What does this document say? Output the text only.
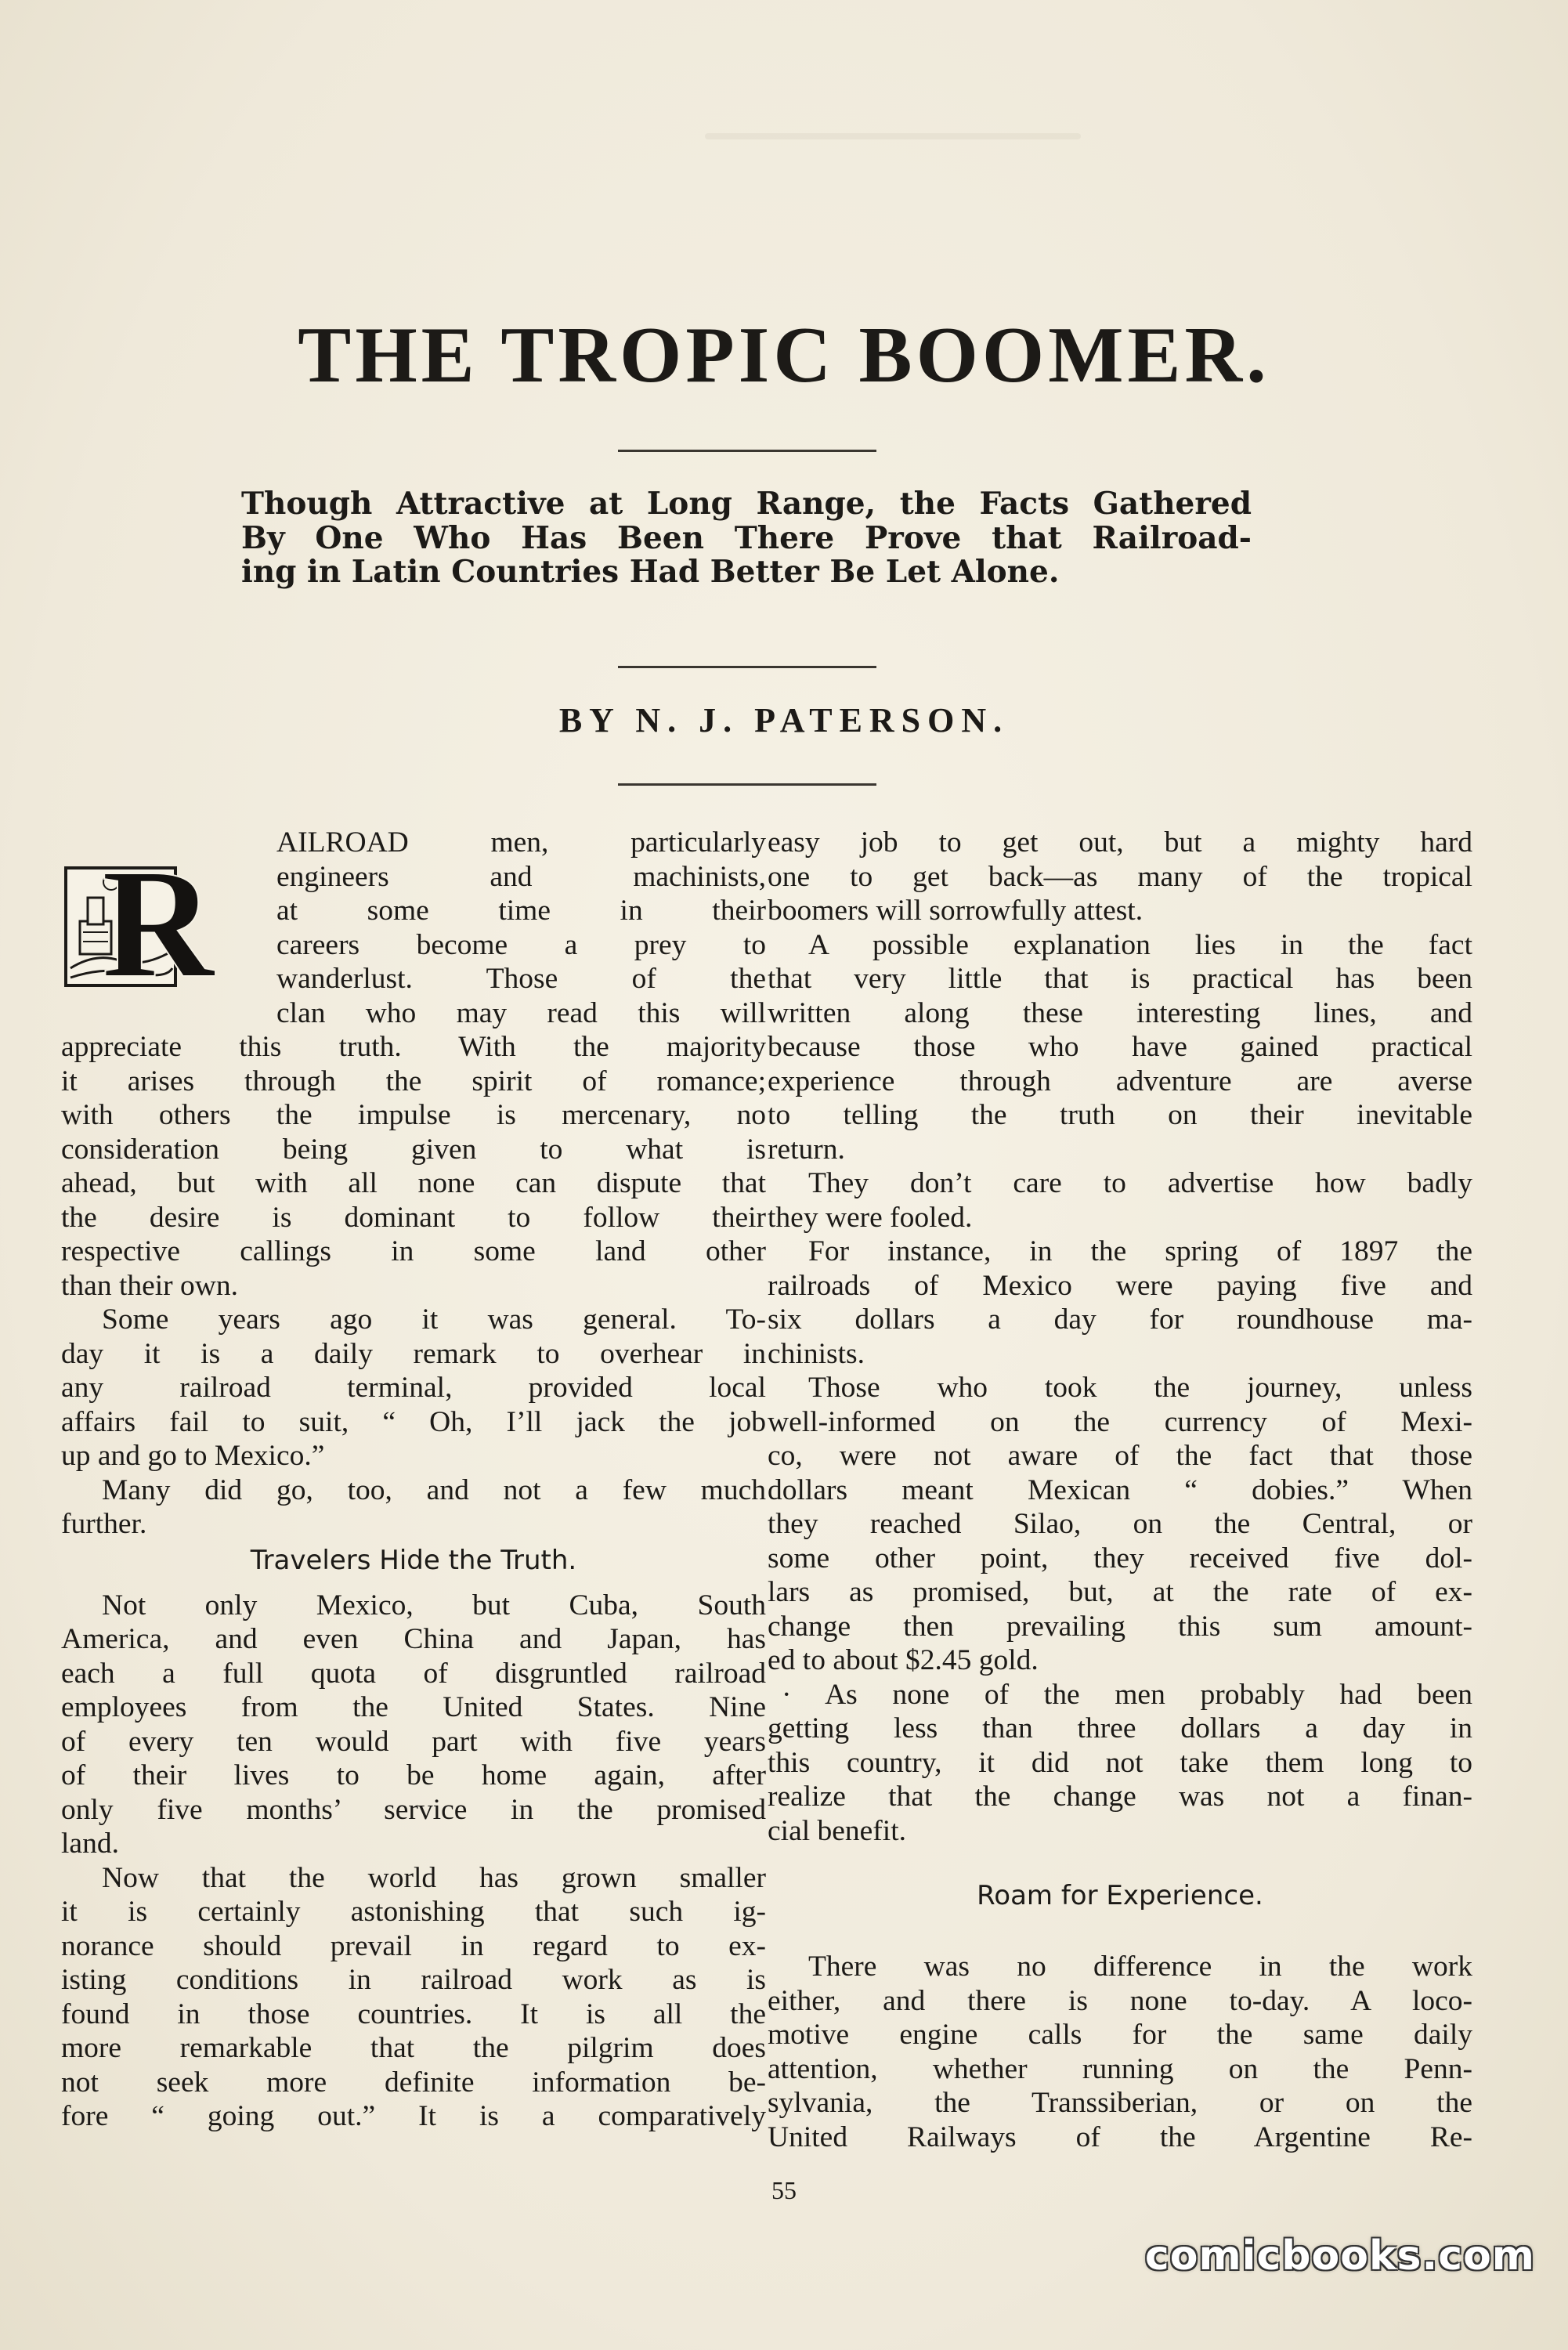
THE TROPIC BOOMER.
Though Attractive at Long Range, the Facts Gathered
By One Who Has Been There Prove that Railroad-
ing in Latin Countries Had Better Be Let Alone.
BY N. J. PATERSON.
R AILROAD men, particularly
engineers and machinists,
at some time in their
careers become a prey to
wanderlust. Those of the
clan who may read this will
appreciate this truth. With the majority
it arises through the spirit of romance;
with others the impulse is mercenary, no
consideration being given to what is
ahead, but with all none can dispute that
the desire is dominant to follow their
respective callings in some land other
than their own.
Some years ago it was general. To-
day it is a daily remark to overhear in
any railroad terminal, provided local
affairs fail to suit, “ Oh, I’ll jack the job
up and go to Mexico.”
Many did go, too, and not a few much
further.
Travelers Hide the Truth.
Not only Mexico, but Cuba, South
America, and even China and Japan, has
each a full quota of disgruntled railroad
employees from the United States. Nine
of every ten would part with five years
of their lives to be home again, after
only five months’ service in the promised
land.
Now that the world has grown smaller
it is certainly astonishing that such ig-
norance should prevail in regard to ex-
isting conditions in railroad work as is
found in those countries. It is all the
more remarkable that the pilgrim does
not seek more definite information be-
fore “ going out.” It is a comparatively
easy job to get out, but a mighty hard
one to get back—as many of the tropical
boomers will sorrowfully attest.
A possible explanation lies in the fact
that very little that is practical has been
written along these interesting lines, and
because those who have gained practical
experience through adventure are averse
to telling the truth on their inevitable
return.
They don’t care to advertise how badly
they were fooled.
For instance, in the spring of 1897 the
railroads of Mexico were paying five and
six dollars a day for roundhouse ma-
chinists.
Those who took the journey, unless
well-informed on the currency of Mexi-
co, were not aware of the fact that those
dollars meant Mexican “ dobies.” When
they reached Silao, on the Central, or
some other point, they received five dol-
lars as promised, but, at the rate of ex-
change then prevailing this sum amount-
ed to about $2.45 gold.
· As none of the men probably had been
getting less than three dollars a day in
this country, it did not take them long to
realize that the change was not a finan-
cial benefit.
Roam for Experience.
There was no difference in the work
either, and there is none to-day. A loco-
motive engine calls for the same daily
attention, whether running on the Penn-
sylvania, the Transsiberian, or on the
United Railways of the Argentine Re-
55
comicbooks.com
